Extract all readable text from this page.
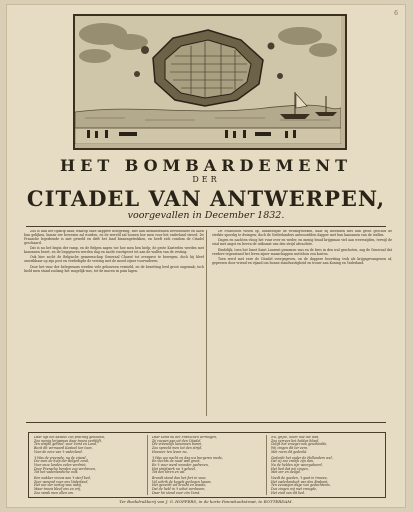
6
HET BOMBARDEMENT
DER
CITADEL VAN ANTWERPEN,
voorgevallen in December 1832.

Zoo is dan het tijdstip daar, waarop onze dappere belegering, met hun uitmuntenden bevelhebber en allen hun gelijken, hunne eer bewezen zal worden, en de wereld zal toonen hoe men voor het vaderland streed. De Fransche legerbende is met geweld en drift het land binnengetrokken, en heeft zich rondom de Citadel geschaard.

Dat is nu het begin der ramp, en de Belgen zagen toe hoe men hen hielp; de grote Kasteelen werden met kanonnen bezet, en de loopgraven werden dag en nacht voortgezet tot aan de wallen van de vesting.

Ook hier zocht de Belgische gemeenschap Generaal Chassé tot overgave te bewegen, doch hij bleef onwrikbaar op zijn post en verdedigde de vesting met de moed zijner voorvaderen.

Door het vuur der belegeraars werden vele gebouwen vernield, en de bezetting leed groot ongemak; toch hield men stand zoolang het mogelijk was, tot de muren in puin lagen.

De Franschen vielen op, hunnerzijde de vestingwerken, daar zij meenden met hun groot geschut de sterkte spoedig te dwingen; doch de Nederlanders antwoordden dapper met hun kanonnen van de wallen.

Dagen en nachten vloog het vuur over en weder, en menig braaf krijgsman viel aan weerszijden, terwijl de stad met angst en beven de uitkomst van den strijd afwachtte.

Eindelijk, toen het lunet Saint Laurent genomen was en de bres in den wal geschoten, zag de Generaal dat verdere tegenstand het leven zijner manschappen nutteloos zou kosten.

Toen werd met eere de Citadel overgegeven, en de dappere bezetting trok als krijgsgevangenen af, geprezen door vriend en vijand om hunne standvastigheid en trouw aan Koning en Vaderland.

Daar ligt het kasteel zoo prachtig gebouwd,
Zoo menig krijgsman daar trouw verblijft,
Ten strijde gereed, voor Vorst en Land,
Bezit dit vermaard Kasteel ten toon,
Voor de eere van 't vaderland.
't Was de vreemde, nu de vijand,
Die men de hulp der Belgen zond,
Voor onze landen velen verdriet,
Door Fransche benden zoo verdreven,
Tot het vaderlandsche volk.
Een wakker vrouw aan 't sterf bed,
Zeer wenend voor ons Vaderland,
Het uur der oorlog was nabij,
Maar trouw bleef ons en vrij,
Zoo sprak men allen om.
Daar komt nu der Franschen vermogen,
Zij roepen aan uit den Citadel,
Die vreeselijk kanonnen baren,
Zoo spreekt men tot den strijd,
Hoezeer ten leven nu.
't Was zoo nacht en dag uw burgeren mede,
En slechts de nood was groot,
En 't vuur werd wreeder gedreven,
Het strijdperk nu 't geheel,
Tot den toren en val.
Brandt stond dan het fort in vuur,
Vol schrik de kogels gevlogen kwam,
Het gevecht vol kracht en woede,
Dat de held in 't schot verdween,
Daar hij stond voor zijn Vorst.
Nu, grijze, hoort hoe het was,
Zoo verrees het helden bloed,
Gelijk het vroeger ook geschiedde,
Wij zingen dit ter eere,
Met roem dit gedenkt.
Gedenkt het onder de Hollanders wel,
Dat zij zoo vrolijk zijn dan,
Nu de helden zijn weergekeerd,
Het lied dat wij zingen,
Met eer en deugd.
Voedt de goeden, 't gaat in trouwe,
Het vaderlandsch van den Brabant,
Ten eeuwigen dage van gedachtenis,
Dus zingen wij met vreugde,
Het eind van dit lied.
Ter Boekdrukkerij van J. G. HOFFERS, in de korte Pannekoekstraat, te ROTTERDAM.
